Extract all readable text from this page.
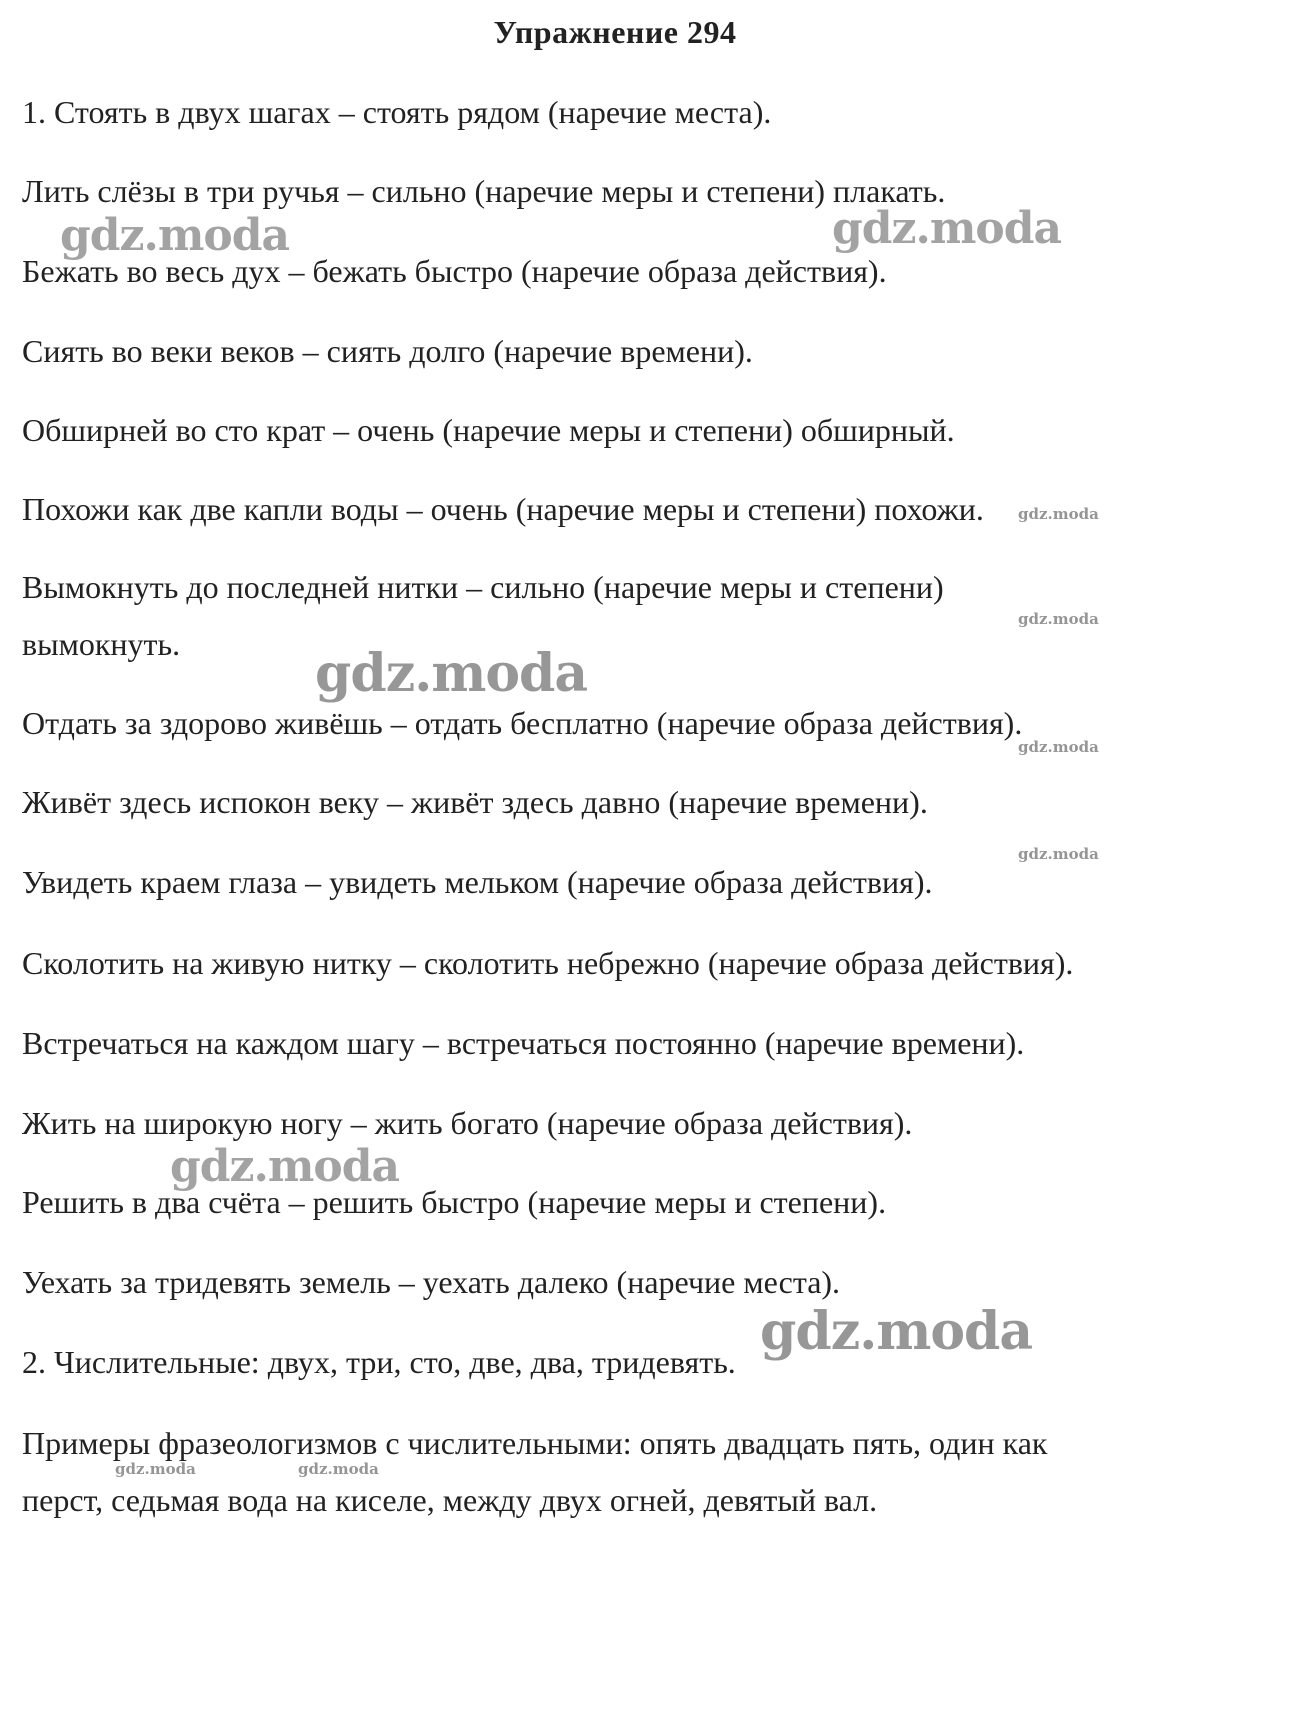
Упражнение 294
1. Стоять в двух шагах – стоять рядом (наречие места).
Лить слёзы в три ручья – сильно (наречие меры и степени) плакать.
Бежать во весь дух – бежать быстро (наречие образа действия).
Сиять во веки веков – сиять долго (наречие времени).
Обширней во сто крат – очень (наречие меры и степени) обширный.
Похожи как две капли воды – очень (наречие меры и степени) похожи.
Вымокнуть до последней нитки – сильно (наречие меры и степени)
вымокнуть.
Отдать за здорово живёшь – отдать бесплатно (наречие образа действия).
Живёт здесь испокон веку – живёт здесь давно (наречие времени).
Увидеть краем глаза – увидеть мельком (наречие образа действия).
Сколотить на живую нитку – сколотить небрежно (наречие образа действия).
Встречаться на каждом шагу – встречаться постоянно (наречие времени).
Жить на широкую ногу – жить богато (наречие образа действия).
Решить в два счёта – решить быстро (наречие меры и степени).
Уехать за тридевять земель – уехать далеко (наречие места).
2. Числительные: двух, три, сто, две, два, тридевять.
Примеры фразеологизмов с числительными: опять двадцать пять, один как
перст, седьмая вода на киселе, между двух огней, девятый вал.
gdz.moda	gdz.moda
gdz.moda
gdz.moda
gdz.moda
gdz.moda
gdz.moda
gdz.moda
gdz.moda
gdz.moda	gdz.moda
